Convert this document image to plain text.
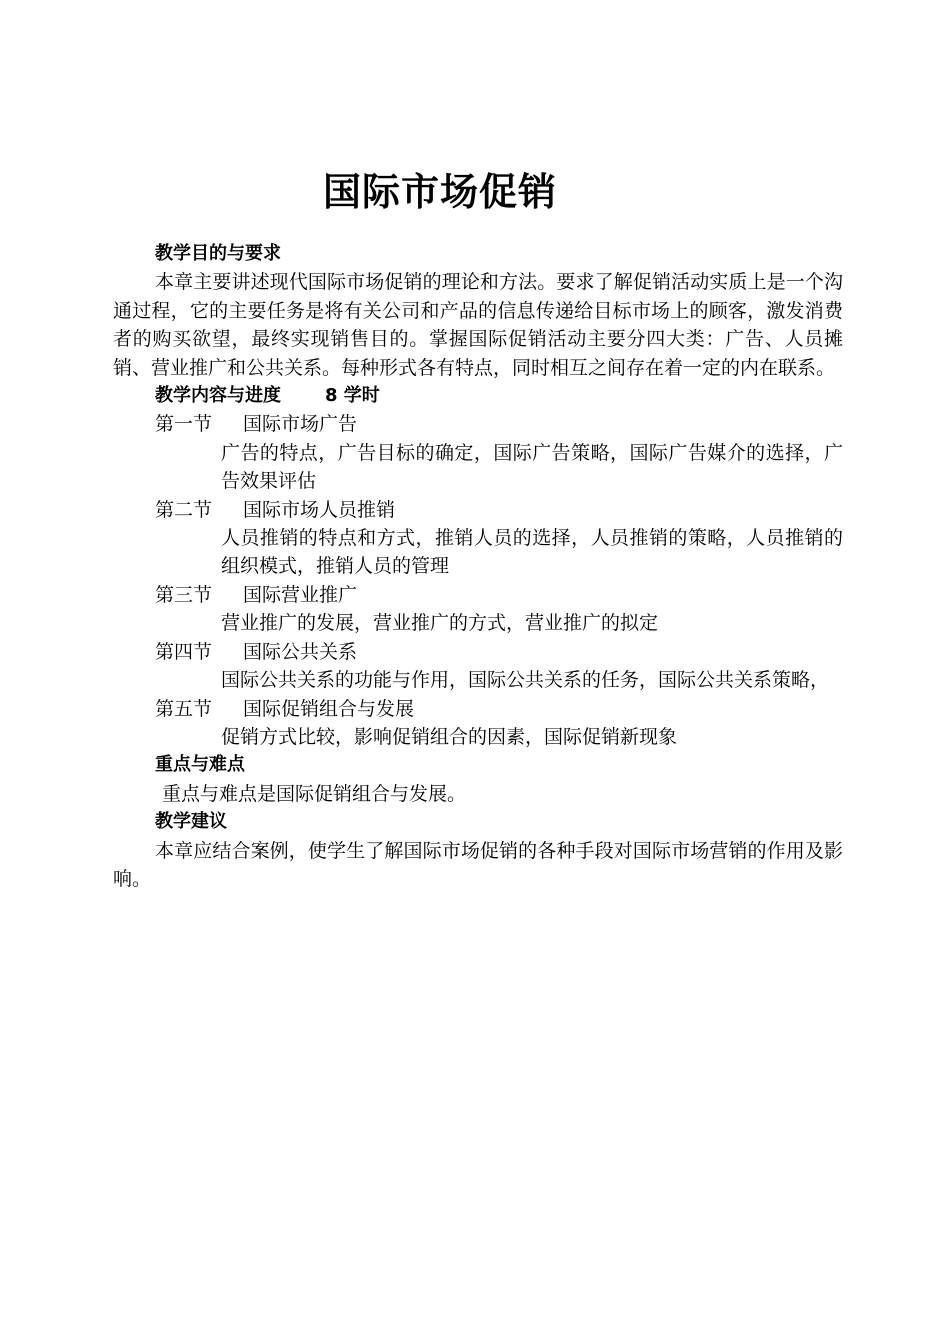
国际市场促销
教学目的与要求
本章主要讲述现代国际市场促销的理论和方法。要求了解促销活动实质上是一个沟通过程，它的主要任务是将有关公司和产品的信息传递给目标市场上的顾客，激发消费者的购买欲望，最终实现销售目的。掌握国际促销活动主要分四大类：广告、人员摊销、营业推广和公共关系。每种形式各有特点，同时相互之间存在着一定的内在联系。
教学内容与进度 8 学时
第一节 国际市场广告
广告的特点，广告目标的确定，国际广告策略，国际广告媒介的选择，广告效果评估
第二节 国际市场人员推销
人员推销的特点和方式，推销人员的选择，人员推销的策略，人员推销的组织模式，推销人员的管理
第三节 国际营业推广
营业推广的发展，营业推广的方式，营业推广的拟定
第四节 国际公共关系
国际公共关系的功能与作用，国际公共关系的任务，国际公共关系策略，
第五节 国际促销组合与发展
促销方式比较，影响促销组合的因素，国际促销新现象
重点与难点
重点与难点是国际促销组合与发展。
教学建议
本章应结合案例，使学生了解国际市场促销的各种手段对国际市场营销的作用及影响。
